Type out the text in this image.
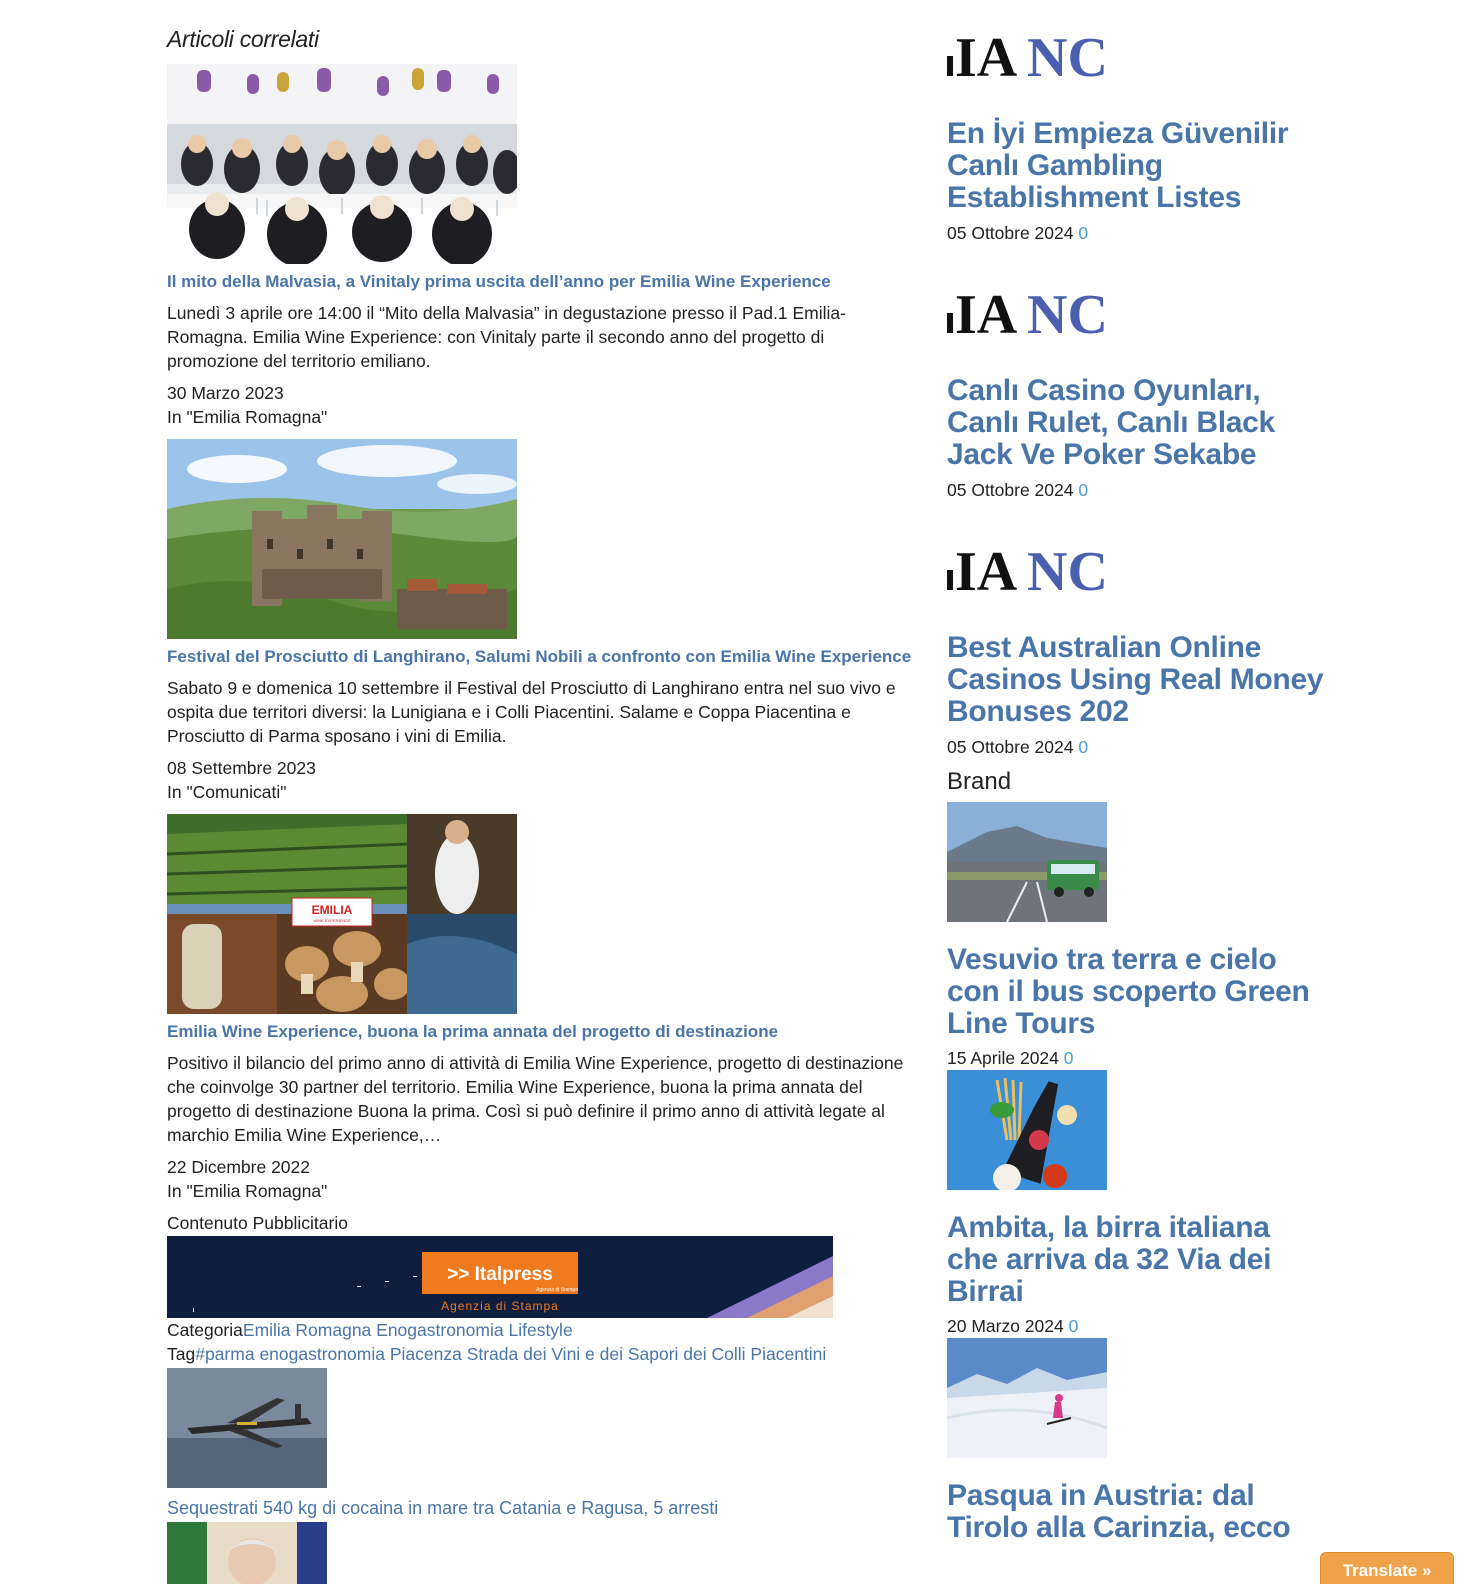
Articoli correlati
Il mito della Malvasia, a Vinitaly prima uscita dell’anno per Emilia Wine Experience

Lunedì 3 aprile ore 14:00 il “Mito della Malvasia” in degustazione presso il Pad.1 Emilia-Romagna. Emilia Wine Experience: con Vinitaly parte il secondo anno del progetto di promozione del territorio emiliano.

30 Marzo 2023
In "Emilia Romagna"
Festival del Prosciutto di Langhirano, Salumi Nobili a confronto con Emilia Wine Experience

Sabato 9 e domenica 10 settembre il Festival del Prosciutto di Langhirano entra nel suo vivo e ospita due territori diversi: la Lunigiana e i Colli Piacentini. Salame e Coppa Piacentina e Prosciutto di Parma sposano i vini di Emilia.

08 Settembre 2023
In "Comunicati"
EMILIA
WINE EXPERIENCE
Emilia Wine Experience, buona la prima annata del progetto di destinazione

Positivo il bilancio del primo anno di attività di Emilia Wine Experience, progetto di destinazione che coinvolge 30 partner del territorio. Emilia Wine Experience, buona la prima annata del progetto di destinazione Buona la prima. Così si può definire il primo anno di attività legate al marchio Emilia Wine Experience,…

22 Dicembre 2022
In "Emilia Romagna"
Contenuto Pubblicitario
>> Italpress
Agenzia di Stampa
Agenzia di Stampa
CategoriaEmilia Romagna Enogastronomia Lifestyle
Tag#parma enogastronomia Piacenza Strada dei Vini e dei Sapori dei Colli Piacentini
Sequestrati 540 kg di cocaina in mare tra Catania e Ragusa, 5 arresti
IA NC
En İyi Empieza Güvenilir Canlı Gambling Establishment Listes
05 Ottobre 2024 0
IA NC
Canlı Casino Oyunları, Canlı Rulet, Canlı Black Jack Ve Poker Sekabe
05 Ottobre 2024 0
IA NC
Best Australian Online Casinos Using Real Money Bonuses 202
05 Ottobre 2024 0
Brand
Vesuvio tra terra e cielo con il bus scoperto Green Line Tours
15 Aprile 2024 0
Ambita, la birra italiana che arriva da 32 Via dei Birrai
20 Marzo 2024 0
Pasqua in Austria: dal Tirolo alla Carinzia, ecco
Translate »
